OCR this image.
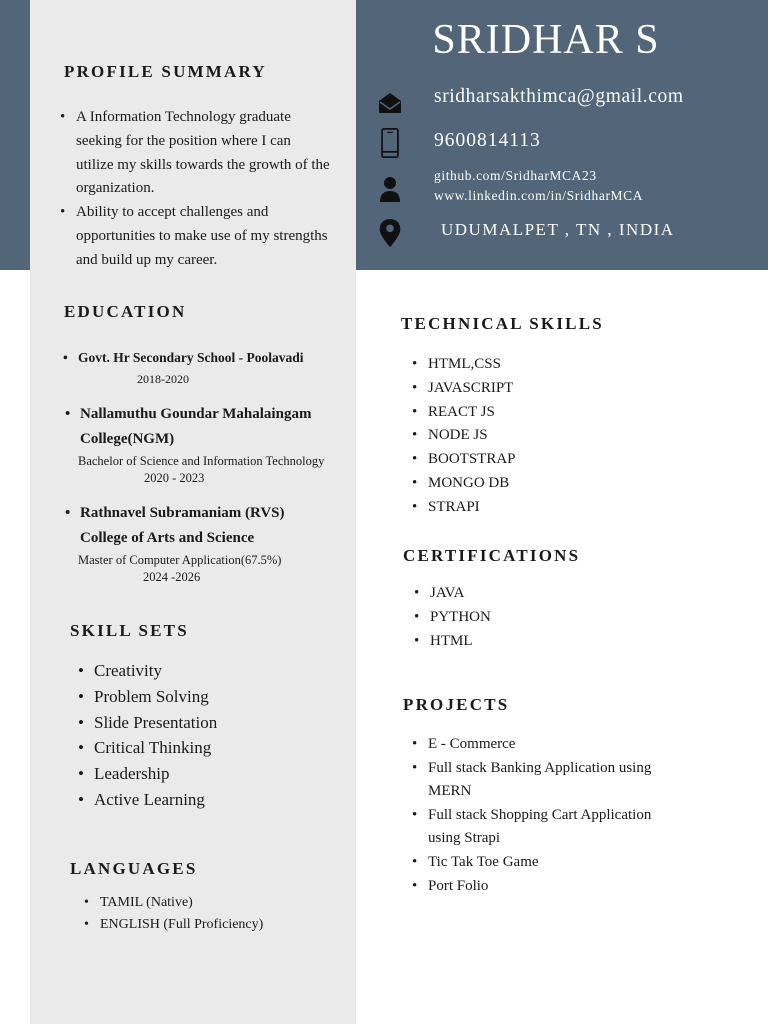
SRIDHAR S
sridharsakthimca@gmail.com
9600814113
github.com/SridharMCA23
www.linkedin.com/in/SridharMCA
UDUMALPET , TN , INDIA
PROFILE SUMMARY
• A Information Technology graduate seeking for the position where I can utilize my skills towards the growth of the organization.
• Ability to accept challenges and opportunities to make use of my strengths and build up my career.
EDUCATION
• Govt. Hr Secondary School - Poolavadi
2018-2020
• Nallamuthu Goundar Mahalaingam College(NGM)
Bachelor of Science and Information Technology
2020 - 2023
• Rathnavel Subramaniam (RVS) College of Arts and Science
Master of Computer Application(67.5%)
2024 -2026
SKILL SETS
• Creativity
• Problem Solving
• Slide Presentation
• Critical Thinking
• Leadership
• Active Learning
LANGUAGES
• TAMIL (Native)
• ENGLISH (Full Proficiency)
TECHNICAL SKILLS
• HTML,CSS
• JAVASCRIPT
• REACT JS
• NODE JS
• BOOTSTRAP
• MONGO DB
• STRAPI
CERTIFICATIONS
• JAVA
• PYTHON
• HTML
PROJECTS
• E - Commerce
• Full stack Banking Application using MERN
• Full stack Shopping Cart Application using Strapi
• Tic Tak Toe Game
• Port Folio
